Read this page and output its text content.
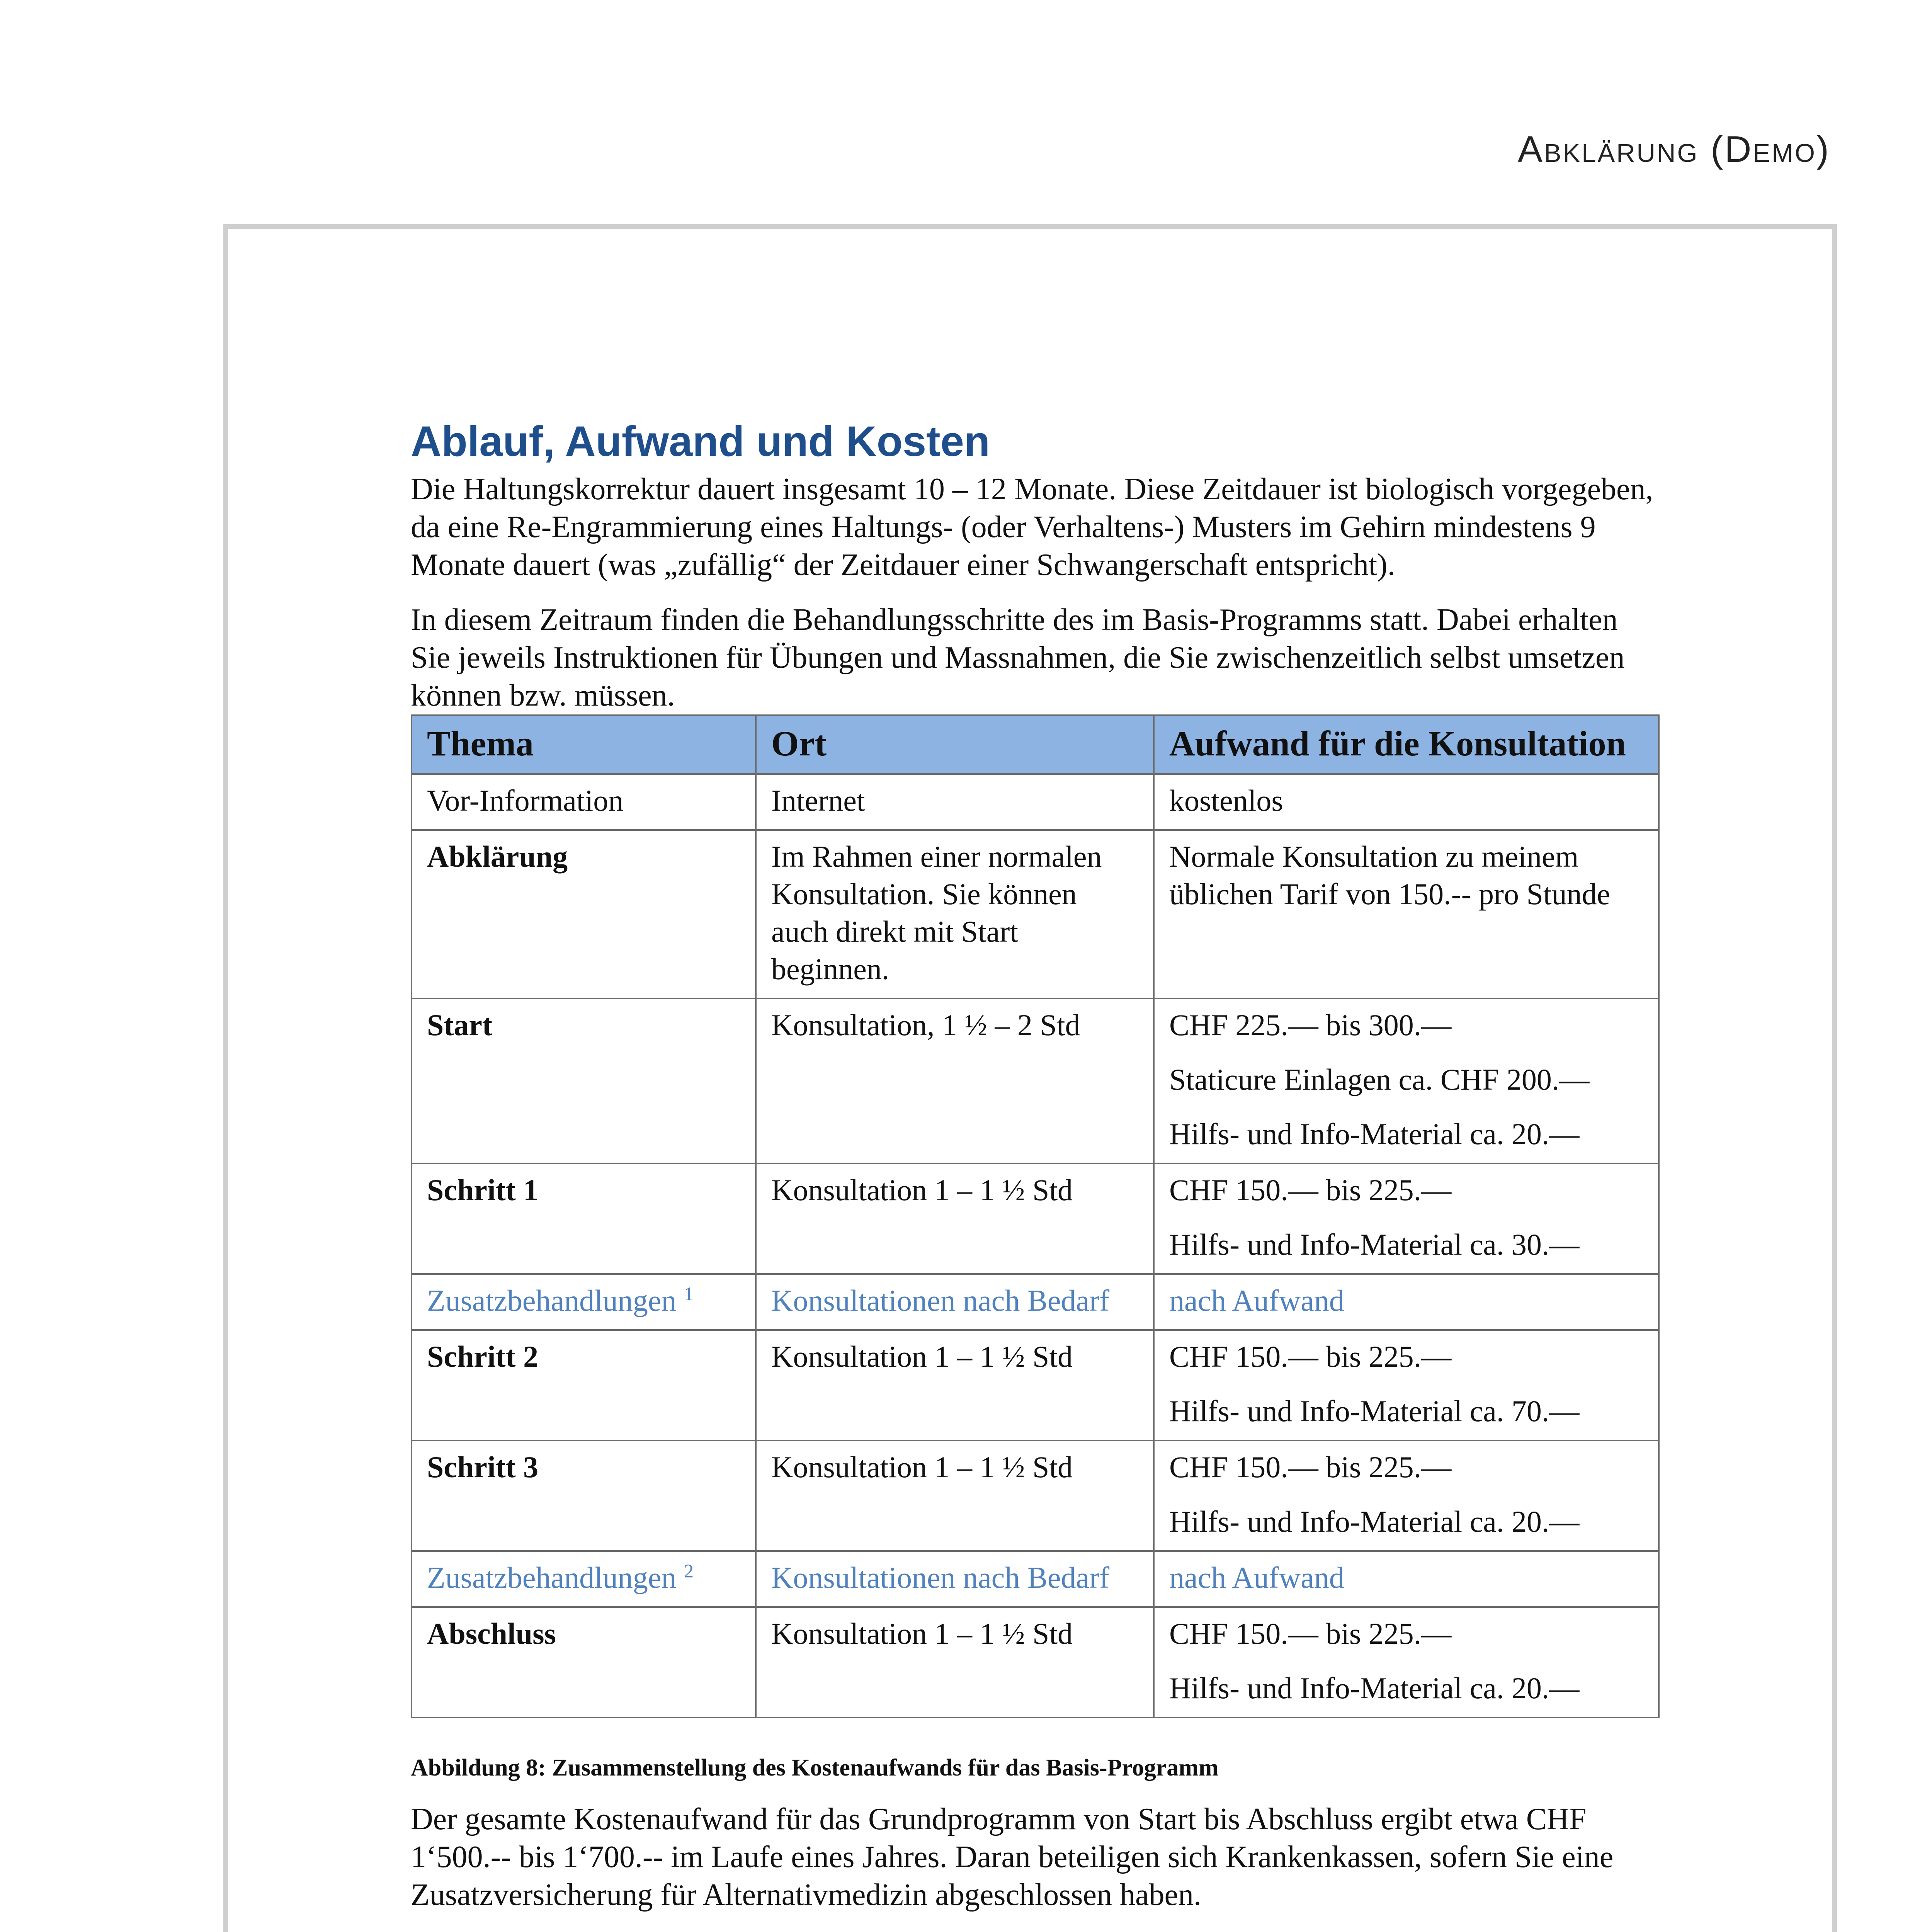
Abklärung (Demo)
Ablauf, Aufwand und Kosten

Die Haltungskorrektur dauert insgesamt 10 – 12 Monate. Diese Zeitdauer ist biologisch vorgegeben, da eine Re-Engrammierung eines Haltungs- (oder Verhaltens-) Musters im Gehirn mindestens 9 Monate dauert (was „zufällig“ der Zeitdauer einer Schwangerschaft entspricht).

In diesem Zeitraum finden die Behandlungsschritte des im Basis-Programms statt. Dabei erhalten Sie jeweils Instruktionen für Übungen und Massnahmen, die Sie zwischenzeitlich selbst umsetzen können bzw. müssen.

Thema	Ort	Aufwand für die Konsultation
Vor-Information	Internet	kostenlos

Abklärung	Im Rahmen einer normalen Konsultation. Sie können auch direkt mit Start beginnen.	Normale Konsultation zu meinem üblichen Tarif von 150.-- pro Stunde

Start	Konsultation, 1 ½ – 2 Std	CHF 225.— bis 300.—
Staticure Einlagen ca. CHF 200.—
Hilfs- und Info-Material ca. 20.—

Schritt 1	Konsultation 1 – 1 ½ Std	CHF 150.— bis 225.—
Hilfs- und Info-Material ca. 30.—

Zusatzbehandlungen $^1$	Konsultationen nach Bedarf	nach Aufwand

Schritt 2	Konsultation 1 – 1 ½ Std	CHF 150.— bis 225.—
Hilfs- und Info-Material ca. 70.—

Schritt 3	Konsultation 1 – 1 ½ Std	CHF 150.— bis 225.—
Hilfs- und Info-Material ca. 20.—

Zusatzbehandlungen $^2$	Konsultationen nach Bedarf	nach Aufwand

Abschluss	Konsultation 1 – 1 ½ Std	CHF 150.— bis 225.—
Hilfs- und Info-Material ca. 20.—
Abbildung 8: Zusammenstellung des Kostenaufwands für das Basis-Programm

Der gesamte Kostenaufwand für das Grundprogramm von Start bis Abschluss ergibt etwa CHF 1‘500.-- bis 1‘700.-- im Laufe eines Jahres. Daran beteiligen sich Krankenkassen, sofern Sie eine Zusatzversicherung für Alternativmedizin abgeschlossen haben.
